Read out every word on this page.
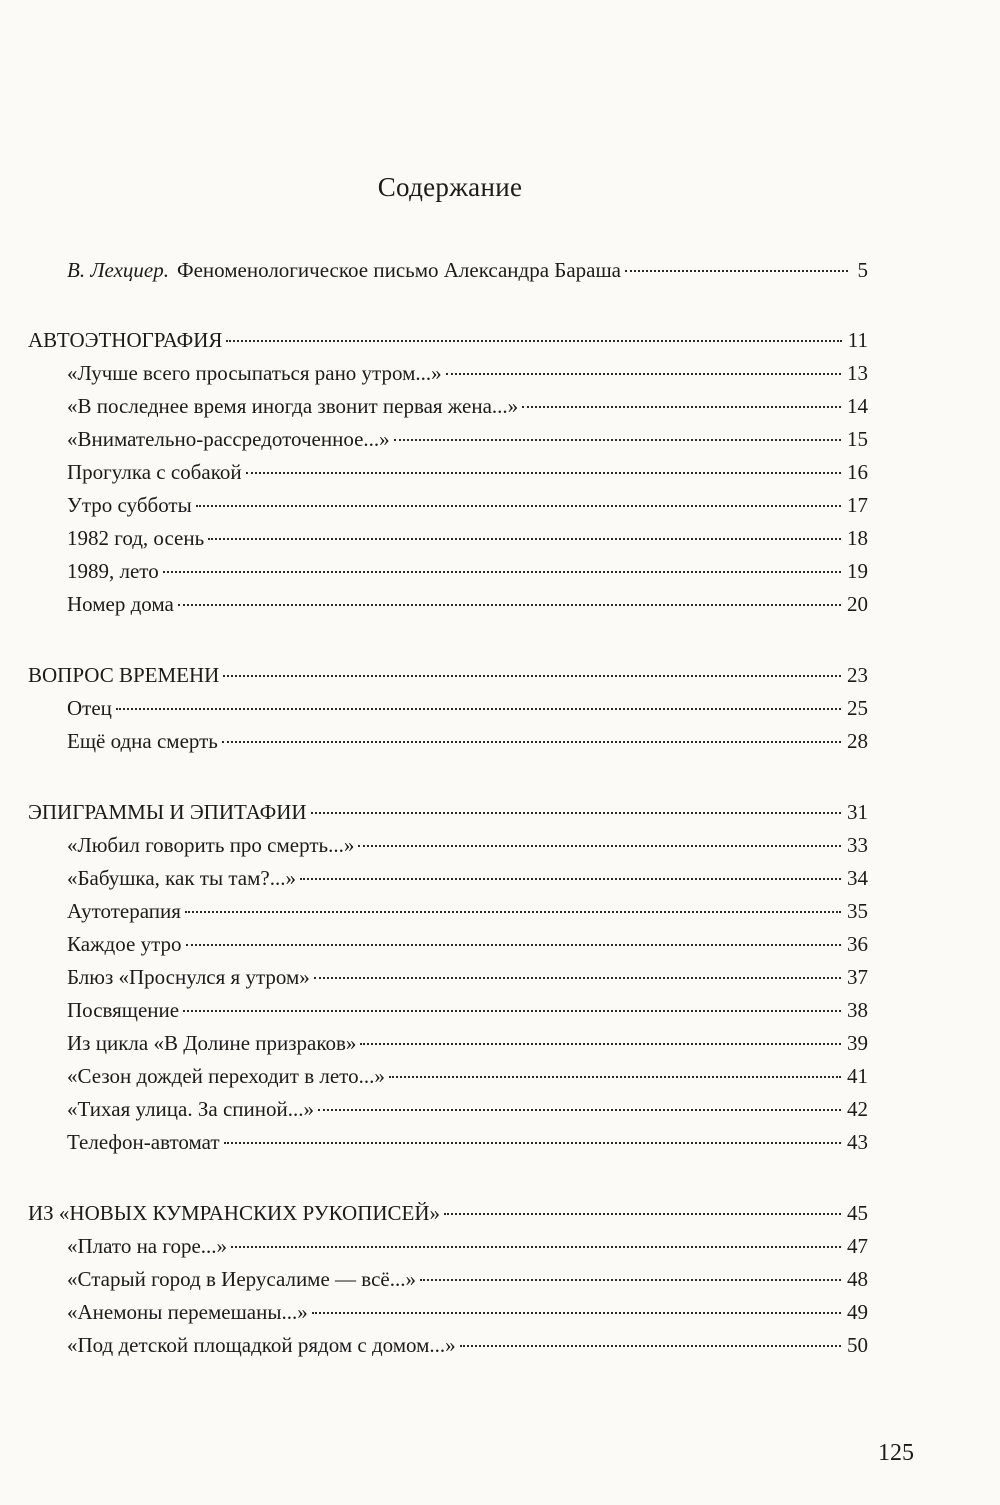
Содержание
В. Лехциер. Феноменологическое письмо Александра Бараша	5
АВТОЭТНОГРАФИЯ	11
«Лучше всего просыпаться рано утром...»	13
«В последнее время иногда звонит первая жена...»	14
«Внимательно-рассредоточенное...»	15
Прогулка с собакой	16
Утро субботы	17
1982 год, осень	18
1989, лето	19
Номер дома	20
ВОПРОС ВРЕМЕНИ	23
Отец	25
Ещё одна смерть	28
ЭПИГРАММЫ И ЭПИТАФИИ	31
«Любил говорить про смерть...»	33
«Бабушка, как ты там?...»	34
Аутотерапия	35
Каждое утро	36
Блюз «Проснулся я утром»	37
Посвящение	38
Из цикла «В Долине призраков»	39
«Сезон дождей переходит в лето...»	41
«Тихая улица. За спиной...»	42
Телефон-автомат	43
ИЗ «НОВЫХ КУМРАНСКИХ РУКОПИСЕЙ»	45
«Плато на горе...»	47
«Старый город в Иерусалиме — всё...»	48
«Анемоны перемешаны...»	49
«Под детской площадкой рядом с домом...»	50
125
